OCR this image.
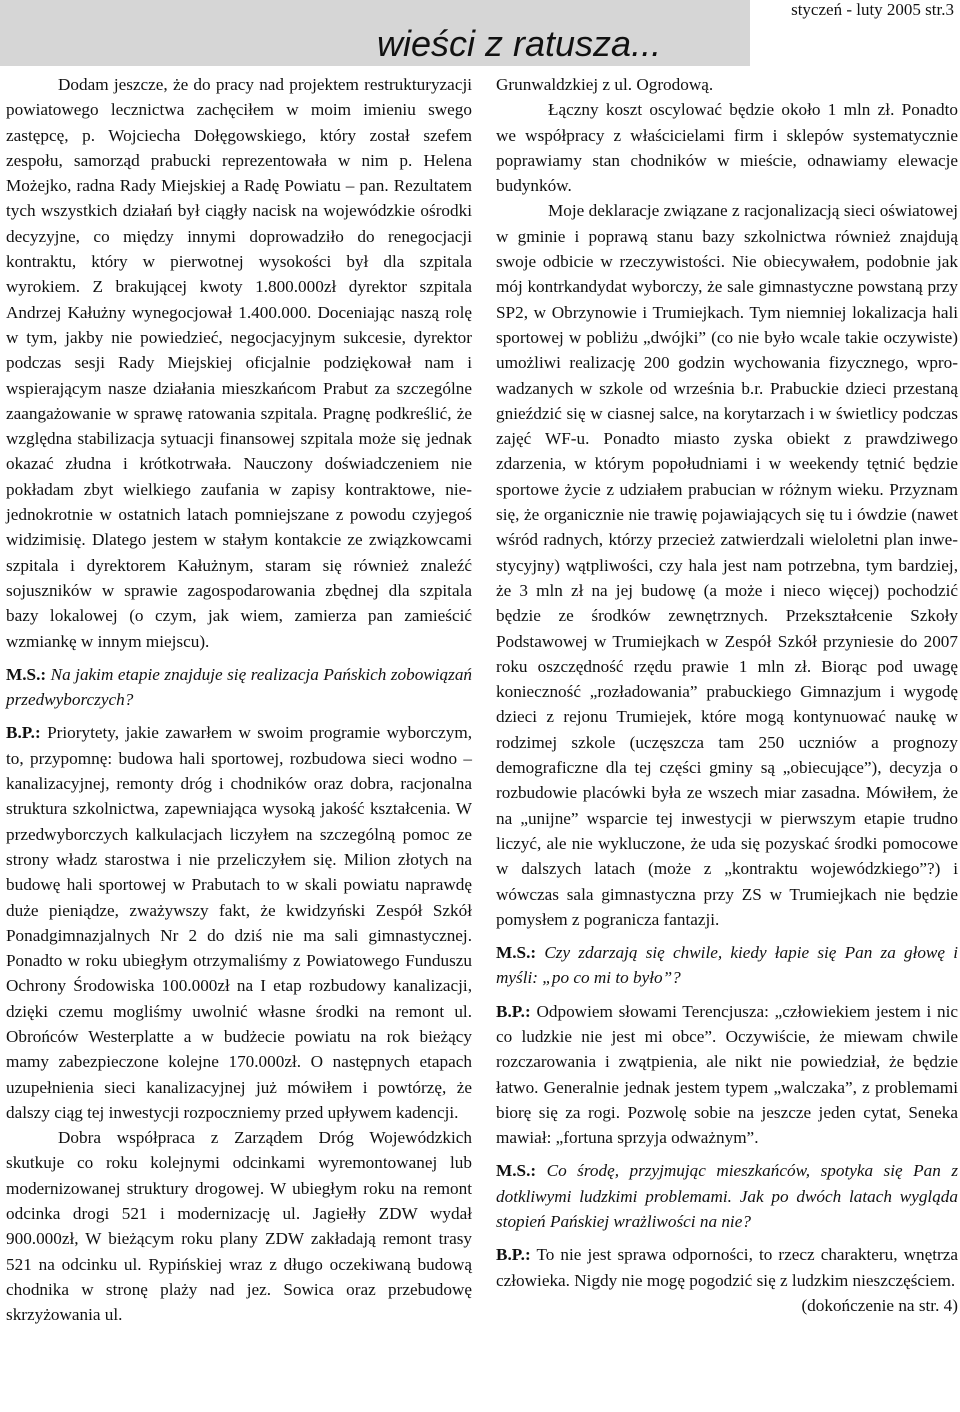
styczeń - luty 2005 str.3
wieści z ratusza...

Dodam jeszcze, że do pracy nad projektem restrukturyzacji powiatowego lecznictwa zachęciłem w moim imieniu swego zastępcę, p. Wojciecha Dołęgowskiego, który został szefem zespołu, samorząd prabucki reprezentowała w nim p. Helena Możejko, radna Rady Miejskiej a Radę Powiatu – pan. Rezultatem tych wszystkich działań był ciągły nacisk na wojewódzkie ośrodki decyzyjne, co między innymi doprowadziło do renegocjacji kontraktu, który w pierwotnej wysokości był dla szpitala wyrokiem. Z brakującej kwoty 1.800.000zł dyrektor szpitala Andrzej Kałużny wynegocjował 1.400.000. Doceniając naszą rolę w tym, jakby nie powiedzieć, negocjacyjnym sukcesie, dyrektor podczas sesji Rady Miejskiej oficjalnie podziękował nam i wspierającym nasze działania mieszkańcom Prabut za szczególne zaangażowanie w sprawę ratowania szpitala. Pragnę podkreślić, że względna stabilizacja sytuacji finansowej szpitala może się jednak okazać złudna i krótkotrwała. Nauczony doświadczeniem nie pokładam zbyt wielkiego zaufania w zapisy kontraktowe, niejednokrotnie w ostatnich latach pomniejszane z powodu czyjegoś widzimisię. Dlatego jestem w stałym kontakcie ze związkowcami szpitala i dyrektorem Kałużnym, staram się również znaleźć sojuszników w sprawie zagospodarowania zbędnej dla szpitala bazy lokalowej (o czym, jak wiem, zamierza pan zamieścić wzmiankę w innym miejscu).

M.S.: Na jakim etapie znajduje się realizacja Pańskich zobowiązań przedwyborczych?

B.P.: Priorytety, jakie zawarłem w swoim programie wyborczym, to, przypomnę: budowa hali sportowej, rozbudowa sieci wodno – kanalizacyjnej, remonty dróg i chodników oraz dobra, racjonalna struktura szkolnictwa, zapewniająca wysoką jakość kształcenia. W przedwyborczych kalkulacjach liczyłem na szczególną pomoc ze strony władz starostwa i nie przeliczyłem się. Milion złotych na budowę hali sportowej w Prabutach to w skali powiatu naprawdę duże pieniądze, zważywszy fakt, że kwidzyński Zespół Szkół Ponadgimnazjalnych Nr 2 do dziś nie ma sali gimnastycznej. Ponadto w roku ubiegłym otrzymaliśmy z Powiatowego Funduszu Ochrony Środowiska 100.000zł na I etap rozbudowy kanalizacji, dzięki czemu mogliśmy uwolnić własne środki na remont ul. Obrońców Westerplatte a w budżecie powiatu na rok bieżący mamy zabezpieczone kolejne 170.000zł. O następnych etapach uzupełnienia sieci kanalizacyjnej już mówiłem i powtórzę, że dalszy ciąg tej inwestycji rozpoczniemy przed upływem kadencji.

Dobra współpraca z Zarządem Dróg Wojewódzkich skutkuje co roku kolejnymi odcinkami wyremontowanej lub modernizowanej struktury drogowej. W ubiegłym roku na remont odcinka drogi 521 i modernizację ul. Jagiełły ZDW wydał 900.000zł, W bieżącym roku plany ZDW zakładają remont trasy 521 na odcinku ul. Rypińskiej wraz z długo oczekiwaną budową chodnika w stronę plaży nad jez. Sowica oraz przebudowę skrzyżowania ul.

Grunwaldzkiej z ul. Ogrodową.

Łączny koszt oscylować będzie około 1 mln zł. Ponadto we współpracy z właścicielami firm i sklepów systematycznie poprawiamy stan chodników w mieście, odnawiamy elewacje budynków.

Moje deklaracje związane z racjonalizacją sieci oświatowej w gminie i poprawą stanu bazy szkolnictwa również znajdują swoje odbicie w rzeczywistości. Nie obiecywałem, podobnie jak mój kontrkandydat wyborczy, że sale gimnastyczne powstaną przy SP2, w Obrzynowie i Trumiejkach. Tym niemniej lokalizacja hali sportowej w pobliżu „dwójki” (co nie było wcale takie oczywiste) umożliwi realizację 200 godzin wychowania fizycznego, wprowadzanych w szkole od września b.r. Prabuckie dzieci przestaną gnieździć się w ciasnej salce, na korytarzach i w świetlicy podczas zajęć WF-u. Ponadto miasto zyska obiekt z prawdziwego zdarzenia, w którym popołudniami i w weekendy tętnić będzie sportowe życie z udziałem prabucian w różnym wieku. Przyznam się, że organicznie nie trawię pojawiających się tu i ówdzie (nawet wśród radnych, którzy przecież zatwierdzali wieloletni plan inwestycyjny) wątpliwości, czy hala jest nam potrzebna, tym bardziej, że 3 mln zł na jej budowę (a może i nieco więcej) pochodzić będzie ze środków zewnętrznych. Przekształcenie Szkoły Podstawowej w Trumiejkach w Zespół Szkół przyniesie do 2007 roku oszczędność rzędu prawie 1 mln zł. Biorąc pod uwagę konieczność „rozładowania” prabuckiego Gimnazjum i wygodę dzieci z rejonu Trumiejek, które mogą kontynuować naukę w rodzimej szkole (uczęszcza tam 250 uczniów a prognozy demograficzne dla tej części gminy są „obiecujące”), decyzja o rozbudowie placówki była ze wszech miar zasadna. Mówiłem, że na „unijne” wsparcie tej inwestycji w pierwszym etapie trudno liczyć, ale nie wykluczone, że uda się pozyskać środki pomocowe w dalszych latach (może z „kontraktu wojewódzkiego”?) i wówczas sala gimnastyczna przy ZS w Trumiejkach nie będzie pomysłem z pogranicza fantazji.

M.S.: Czy zdarzają się chwile, kiedy łapie się Pan za głowę i myśli: „po co mi to było”?

B.P.: Odpowiem słowami Terencjusza: „człowiekiem jestem i nic co ludzkie nie jest mi obce”. Oczywiście, że miewam chwile rozczarowania i zwątpienia, ale nikt nie powiedział, że będzie łatwo. Generalnie jednak jestem typem „walczaka”, z problemami biorę się za rogi. Pozwolę sobie na jeszcze jeden cytat, Seneka mawiał: „fortuna sprzyja odważnym”.

M.S.: Co środę, przyjmując mieszkańców, spotyka się Pan z dotkliwymi ludzkimi problemami. Jak po dwóch latach wygląda stopień Pańskiej wrażliwości na nie?

B.P.: To nie jest sprawa odporności, to rzecz charakteru, wnętrza człowieka. Nigdy nie mogę pogodzić się z ludzkim nieszczęściem.

(dokończenie na str. 4)
